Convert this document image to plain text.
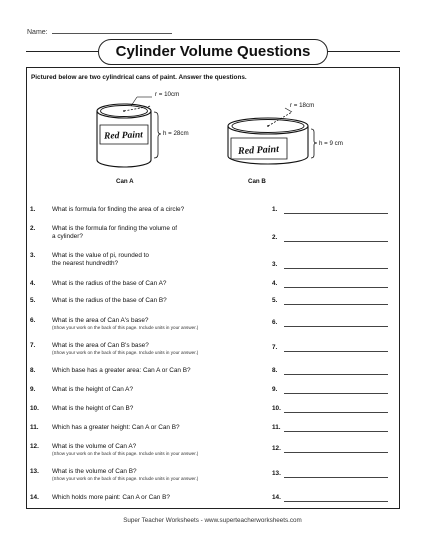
Name:
Cylinder Volume Questions
Pictured below are two cylindrical cans of paint. Answer the questions.
Red Paint
Red Paint
r = 10cm
h = 28cm
Can A
r = 18cm
h = 9 cm
Can B
1.	What is formula for finding the area of a circle?	1.
2.	What is the formula for finding the volume of
a cylinder?	2.
3.	What is the value of pi, rounded to
the nearest hundredth?	3.
4.	What is the radius of the base of Can A?	4.
5.	What is the radius of the base of Can B?	5.
6.	What is the area of Can A's base?
(Show your work on the back of this page. Include units in your answer.)
6.
7.	What is the area of Can B's base?
(Show your work on the back of this page. Include units in your answer.)
7.
8.	Which base has a greater area: Can A or Can B?	8.
9.	What is the height of Can A?	9.
10. What is the height of Can B?	10.
11. Which has a greater height: Can A or Can B?	11.
12. What is the volume of Can A?
(Show your work on the back of this page. Include units in your answer.)
12.
13. What is the volume of Can B?
(Show your work on the back of this page. Include units in your answer.)
13.
14. Which holds more paint: Can A or Can B?	14.
Super Teacher Worksheets - www.superteacherworksheets.com
